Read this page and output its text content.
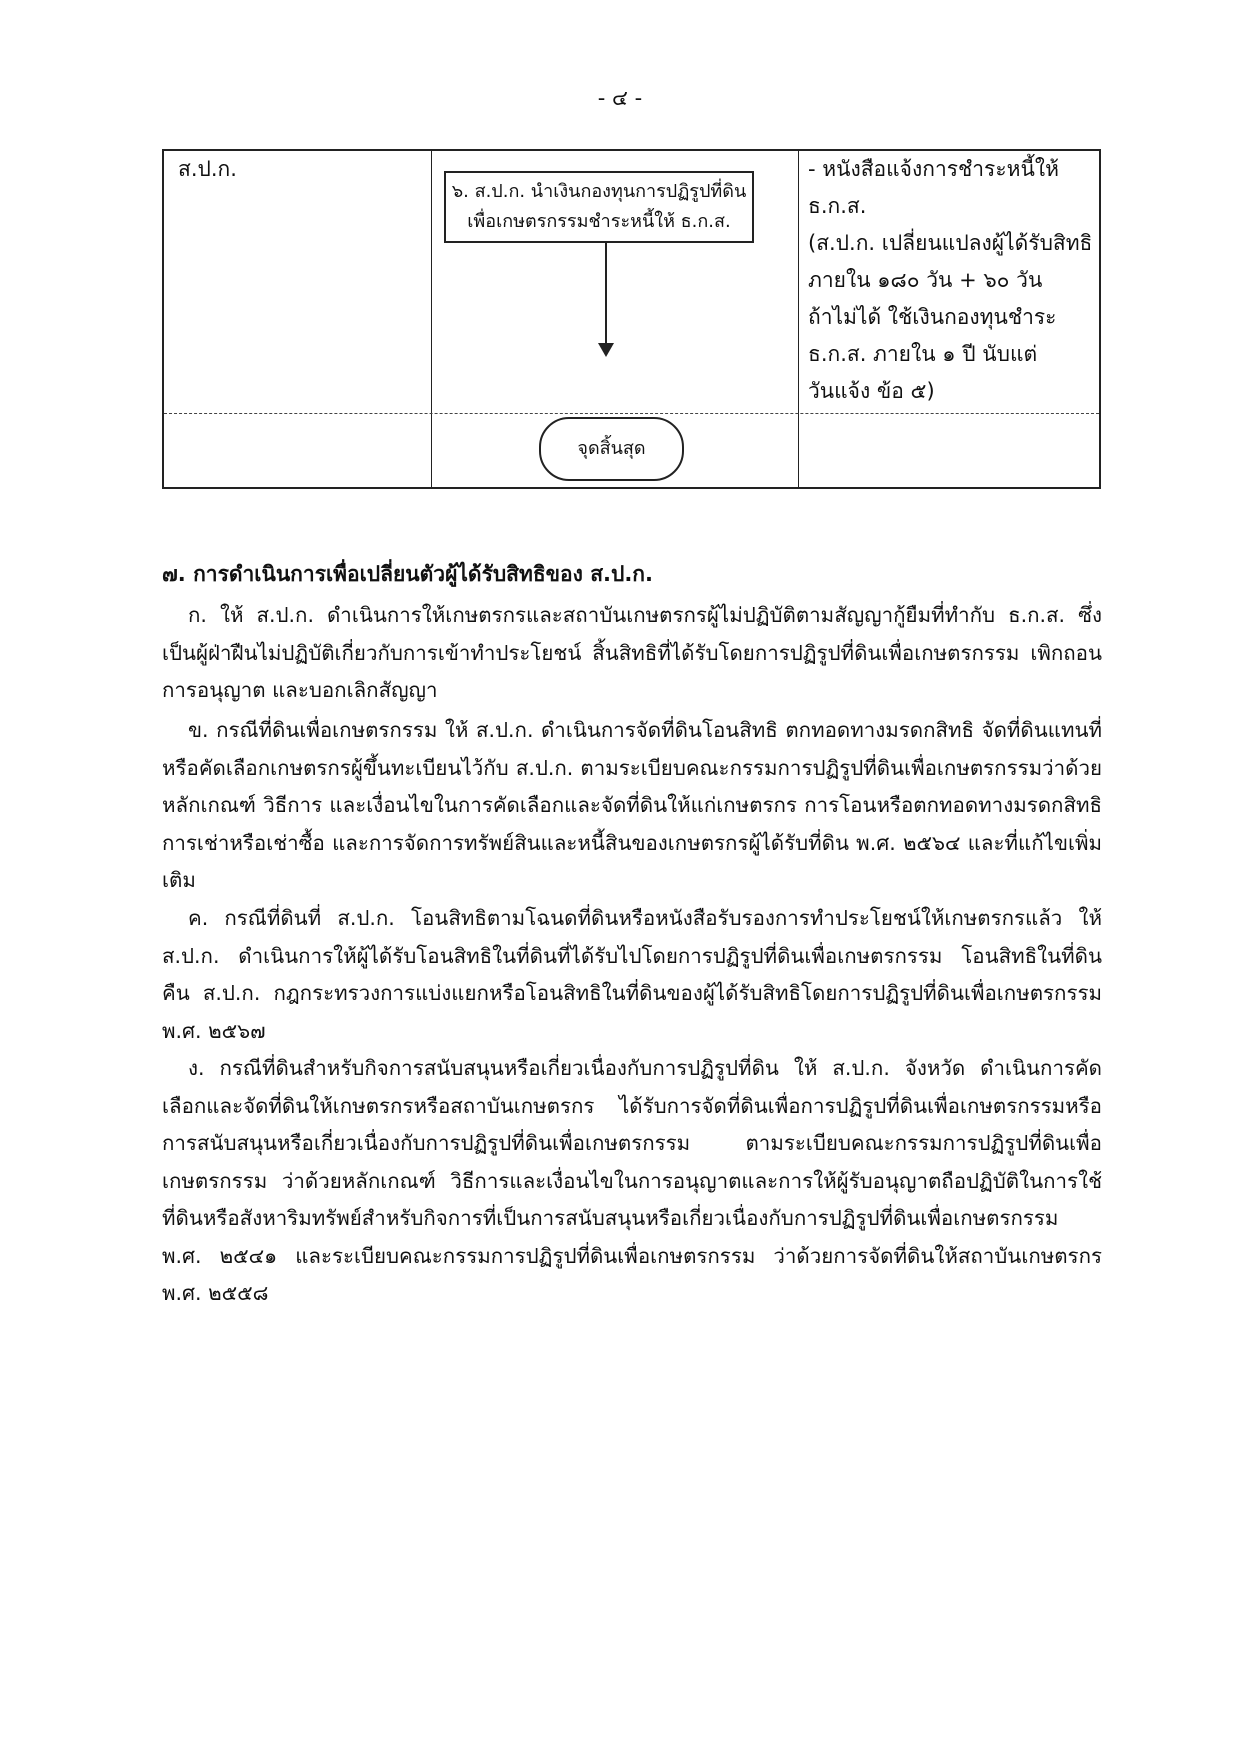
- ๔ -
ส.ป.ก.
๖. ส.ป.ก. นำเงินกองทุนการปฏิรูปที่ดิน
เพื่อเกษตรกรรมชำระหนี้ให้ ธ.ก.ส.
- หนังสือแจ้งการชำระหนี้ให้
ธ.ก.ส.
(ส.ป.ก. เปลี่ยนแปลงผู้ได้รับสิทธิ
ภายใน ๑๘๐ วัน + ๖๐ วัน
ถ้าไม่ได้ ใช้เงินกองทุนชำระ
ธ.ก.ส. ภายใน ๑ ปี นับแต่
วันแจ้ง ข้อ ๕)
จุดสิ้นสุด
๗. การดำเนินการเพื่อเปลี่ยนตัวผู้ได้รับสิทธิของ ส.ป.ก.

ก. ให้ ส.ป.ก. ดำเนินการให้เกษตรกรและสถาบันเกษตรกรผู้ไม่ปฏิบัติตามสัญญากู้ยืมที่ทำกับ ธ.ก.ส. ซึ่งเป็นผู้ฝ่าฝืนไม่ปฏิบัติเกี่ยวกับการเข้าทำประโยชน์ สิ้นสิทธิที่ได้รับโดยการปฏิรูปที่ดินเพื่อเกษตรกรรม เพิกถอนการอนุญาต และบอกเลิกสัญญา

ข. กรณีที่ดินเพื่อเกษตรกรรม ให้ ส.ป.ก. ดำเนินการจัดที่ดินโอนสิทธิ ตกทอดทางมรดกสิทธิ จัดที่ดินแทนที่หรือคัดเลือกเกษตรกรผู้ขึ้นทะเบียนไว้กับ ส.ป.ก. ตามระเบียบคณะกรรมการปฏิรูปที่ดินเพื่อเกษตรกรรมว่าด้วยหลักเกณฑ์ วิธีการ และเงื่อนไขในการคัดเลือกและจัดที่ดินให้แก่เกษตรกร การโอนหรือตกทอดทางมรดกสิทธิการเช่าหรือเช่าซื้อ และการจัดการทรัพย์สินและหนี้สินของเกษตรกรผู้ได้รับที่ดิน พ.ศ. ๒๕๖๔ และที่แก้ไขเพิ่มเติม

ค. กรณีที่ดินที่ ส.ป.ก. โอนสิทธิตามโฉนดที่ดินหรือหนังสือรับรองการทำประโยชน์ให้เกษตรกรแล้ว ให้ ส.ป.ก. ดำเนินการให้ผู้ได้รับโอนสิทธิในที่ดินที่ได้รับไปโดยการปฏิรูปที่ดินเพื่อเกษตรกรรม โอนสิทธิในที่ดินคืน ส.ป.ก. กฎกระทรวงการแบ่งแยกหรือโอนสิทธิในที่ดินของผู้ได้รับสิทธิโดยการปฏิรูปที่ดินเพื่อเกษตรกรรม พ.ศ. ๒๕๖๗

ง. กรณีที่ดินสำหรับกิจการสนับสนุนหรือเกี่ยวเนื่องกับการปฏิรูปที่ดิน ให้ ส.ป.ก. จังหวัด ดำเนินการคัดเลือกและจัดที่ดินให้เกษตรกรหรือสถาบันเกษตรกร ได้รับการจัดที่ดินเพื่อการปฏิรูปที่ดินเพื่อเกษตรกรรมหรือการสนับสนุนหรือเกี่ยวเนื่องกับการปฏิรูปที่ดินเพื่อเกษตรกรรม ตามระเบียบคณะกรรมการปฏิรูปที่ดินเพื่อเกษตรกรรม ว่าด้วยหลักเกณฑ์ วิธีการและเงื่อนไขในการอนุญาตและการให้ผู้รับอนุญาตถือปฏิบัติในการใช้ที่ดินหรือสังหาริมทรัพย์สำหรับกิจการที่เป็นการสนับสนุนหรือเกี่ยวเนื่องกับการปฏิรูปที่ดินเพื่อเกษตรกรรม พ.ศ. ๒๕๔๑ และระเบียบคณะกรรมการปฏิรูปที่ดินเพื่อเกษตรกรรม ว่าด้วยการจัดที่ดินให้สถาบันเกษตรกร พ.ศ. ๒๕๕๘
